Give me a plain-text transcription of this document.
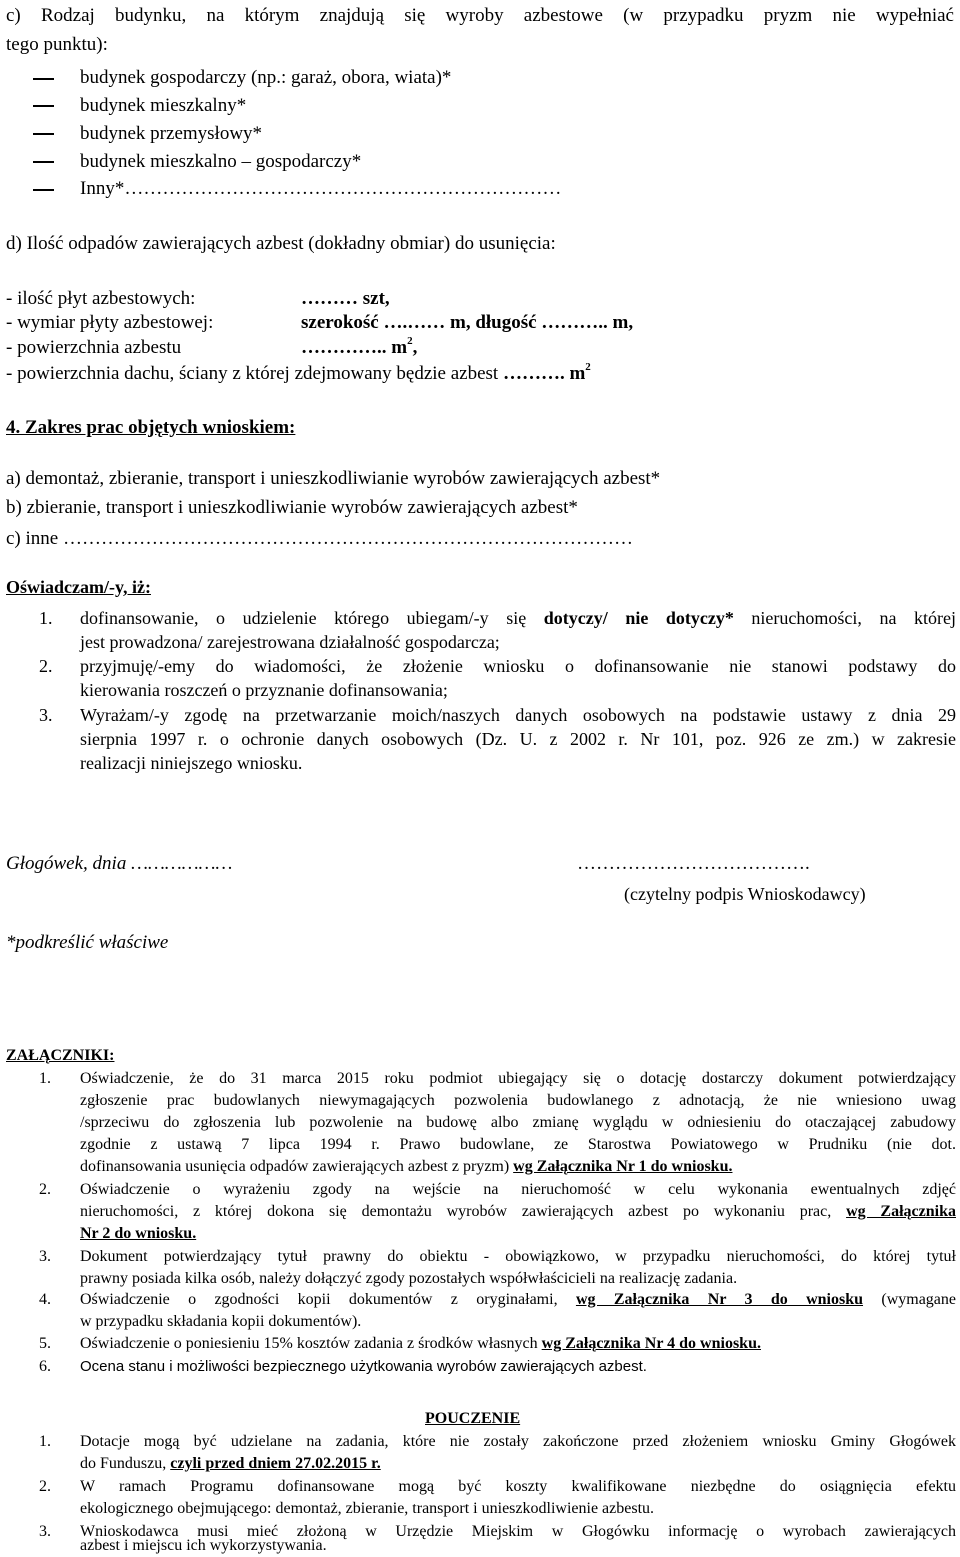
c) Rodzaj budynku, na którym znajdują się wyroby azbestowe (w przypadku pryzm nie wypełniać
tego punktu):
budynek gospodarczy (np.: garaż, obora, wiata)*
budynek mieszkalny*
budynek przemysłowy*
budynek mieszkalno – gospodarczy*
Inny*……………………………………………………………
d) Ilość odpadów zawierających azbest (dokładny obmiar) do usunięcia:
- ilość płyt azbestowych:	……… szt,
- wymiar płyty azbestowej:	szerokość ….…… m, długość ……….. m,
- powierzchnia azbestu	………….. $m^2$,
- powierzchnia dachu, ściany z której zdejmowany będzie azbest ………. $m^2$
4. Zakres prac objętych wnioskiem:
a) demontaż, zbieranie, transport i unieszkodliwianie wyrobów zawierających azbest*
b) zbieranie, transport i unieszkodliwianie wyrobów zawierających azbest*
c) inne ………………………………………………………………………………
Oświadczam/-y, iż:
1. dofinansowanie, o udzielenie którego ubiegam/-y się dotyczy/ nie dotyczy* nieruchomości, na której
jest prowadzona/ zarejestrowana działalność gospodarcza;
2. przyjmuję/-emy do wiadomości, że złożenie wniosku o dofinansowanie nie stanowi podstawy do
kierowania roszczeń o przyznanie dofinansowania;
3. Wyrażam/-y zgodę na przetwarzanie moich/naszych danych osobowych na podstawie ustawy z dnia 29
sierpnia 1997 r. o ochronie danych osobowych (Dz. U. z 2002 r. Nr 101, poz. 926 ze zm.) w zakresie
realizacji niniejszego wniosku.
Głogówek, dnia ………………	……………………………….
(czytelny podpis Wnioskodawcy)
*podkreślić właściwe
ZAŁĄCZNIKI:
1. Oświadczenie, że do 31 marca 2015 roku podmiot ubiegający się o dotację dostarczy dokument potwierdzający
zgłoszenie prac budowlanych niewymagających pozwolenia budowlanego z adnotacją, że nie wniesiono uwag
/sprzeciwu do zgłoszenia lub pozwolenie na budowę albo zmianę wyglądu w odniesieniu do otaczającej zabudowy
zgodnie z ustawą 7 lipca 1994 r. Prawo budowlane, ze Starostwa Powiatowego w Prudniku (nie dot.
dofinansowania usunięcia odpadów zawierających azbest z pryzm) wg Załącznika Nr 1 do wniosku.
2. Oświadczenie o wyrażeniu zgody na wejście na nieruchomość w celu wykonania ewentualnych zdjęć
nieruchomości, z której dokona się demontażu wyrobów zawierających azbest po wykonaniu prac, wg Załącznika
Nr 2 do wniosku.
3. Dokument potwierdzający tytuł prawny do obiektu - obowiązkowo, w przypadku nieruchomości, do której tytuł
prawny posiada kilka osób, należy dołączyć zgody pozostałych współwłaścicieli na realizację zadania.
4. Oświadczenie o zgodności kopii dokumentów z oryginałami, wg Załącznika Nr 3 do wniosku (wymagane
w przypadku składania kopii dokumentów).
5. Oświadczenie o poniesieniu 15% kosztów zadania z środków własnych wg Załącznika Nr 4 do wniosku.
6. Ocena stanu i możliwości bezpiecznego użytkowania wyrobów zawierających azbest.
POUCZENIE
1. Dotacje mogą być udzielane na zadania, które nie zostały zakończone przed złożeniem wniosku Gminy Głogówek
do Funduszu, czyli przed dniem 27.02.2015 r.
2. W ramach Programu dofinansowane mogą być koszty kwalifikowane niezbędne do osiągnięcia efektu
ekologicznego obejmującego: demontaż, zbieranie, transport i unieszkodliwienie azbestu.
3. Wnioskodawca musi mieć złożoną w Urzędzie Miejskim w Głogówku informację o wyrobach zawierających
azbest i miejscu ich wykorzystywania.
